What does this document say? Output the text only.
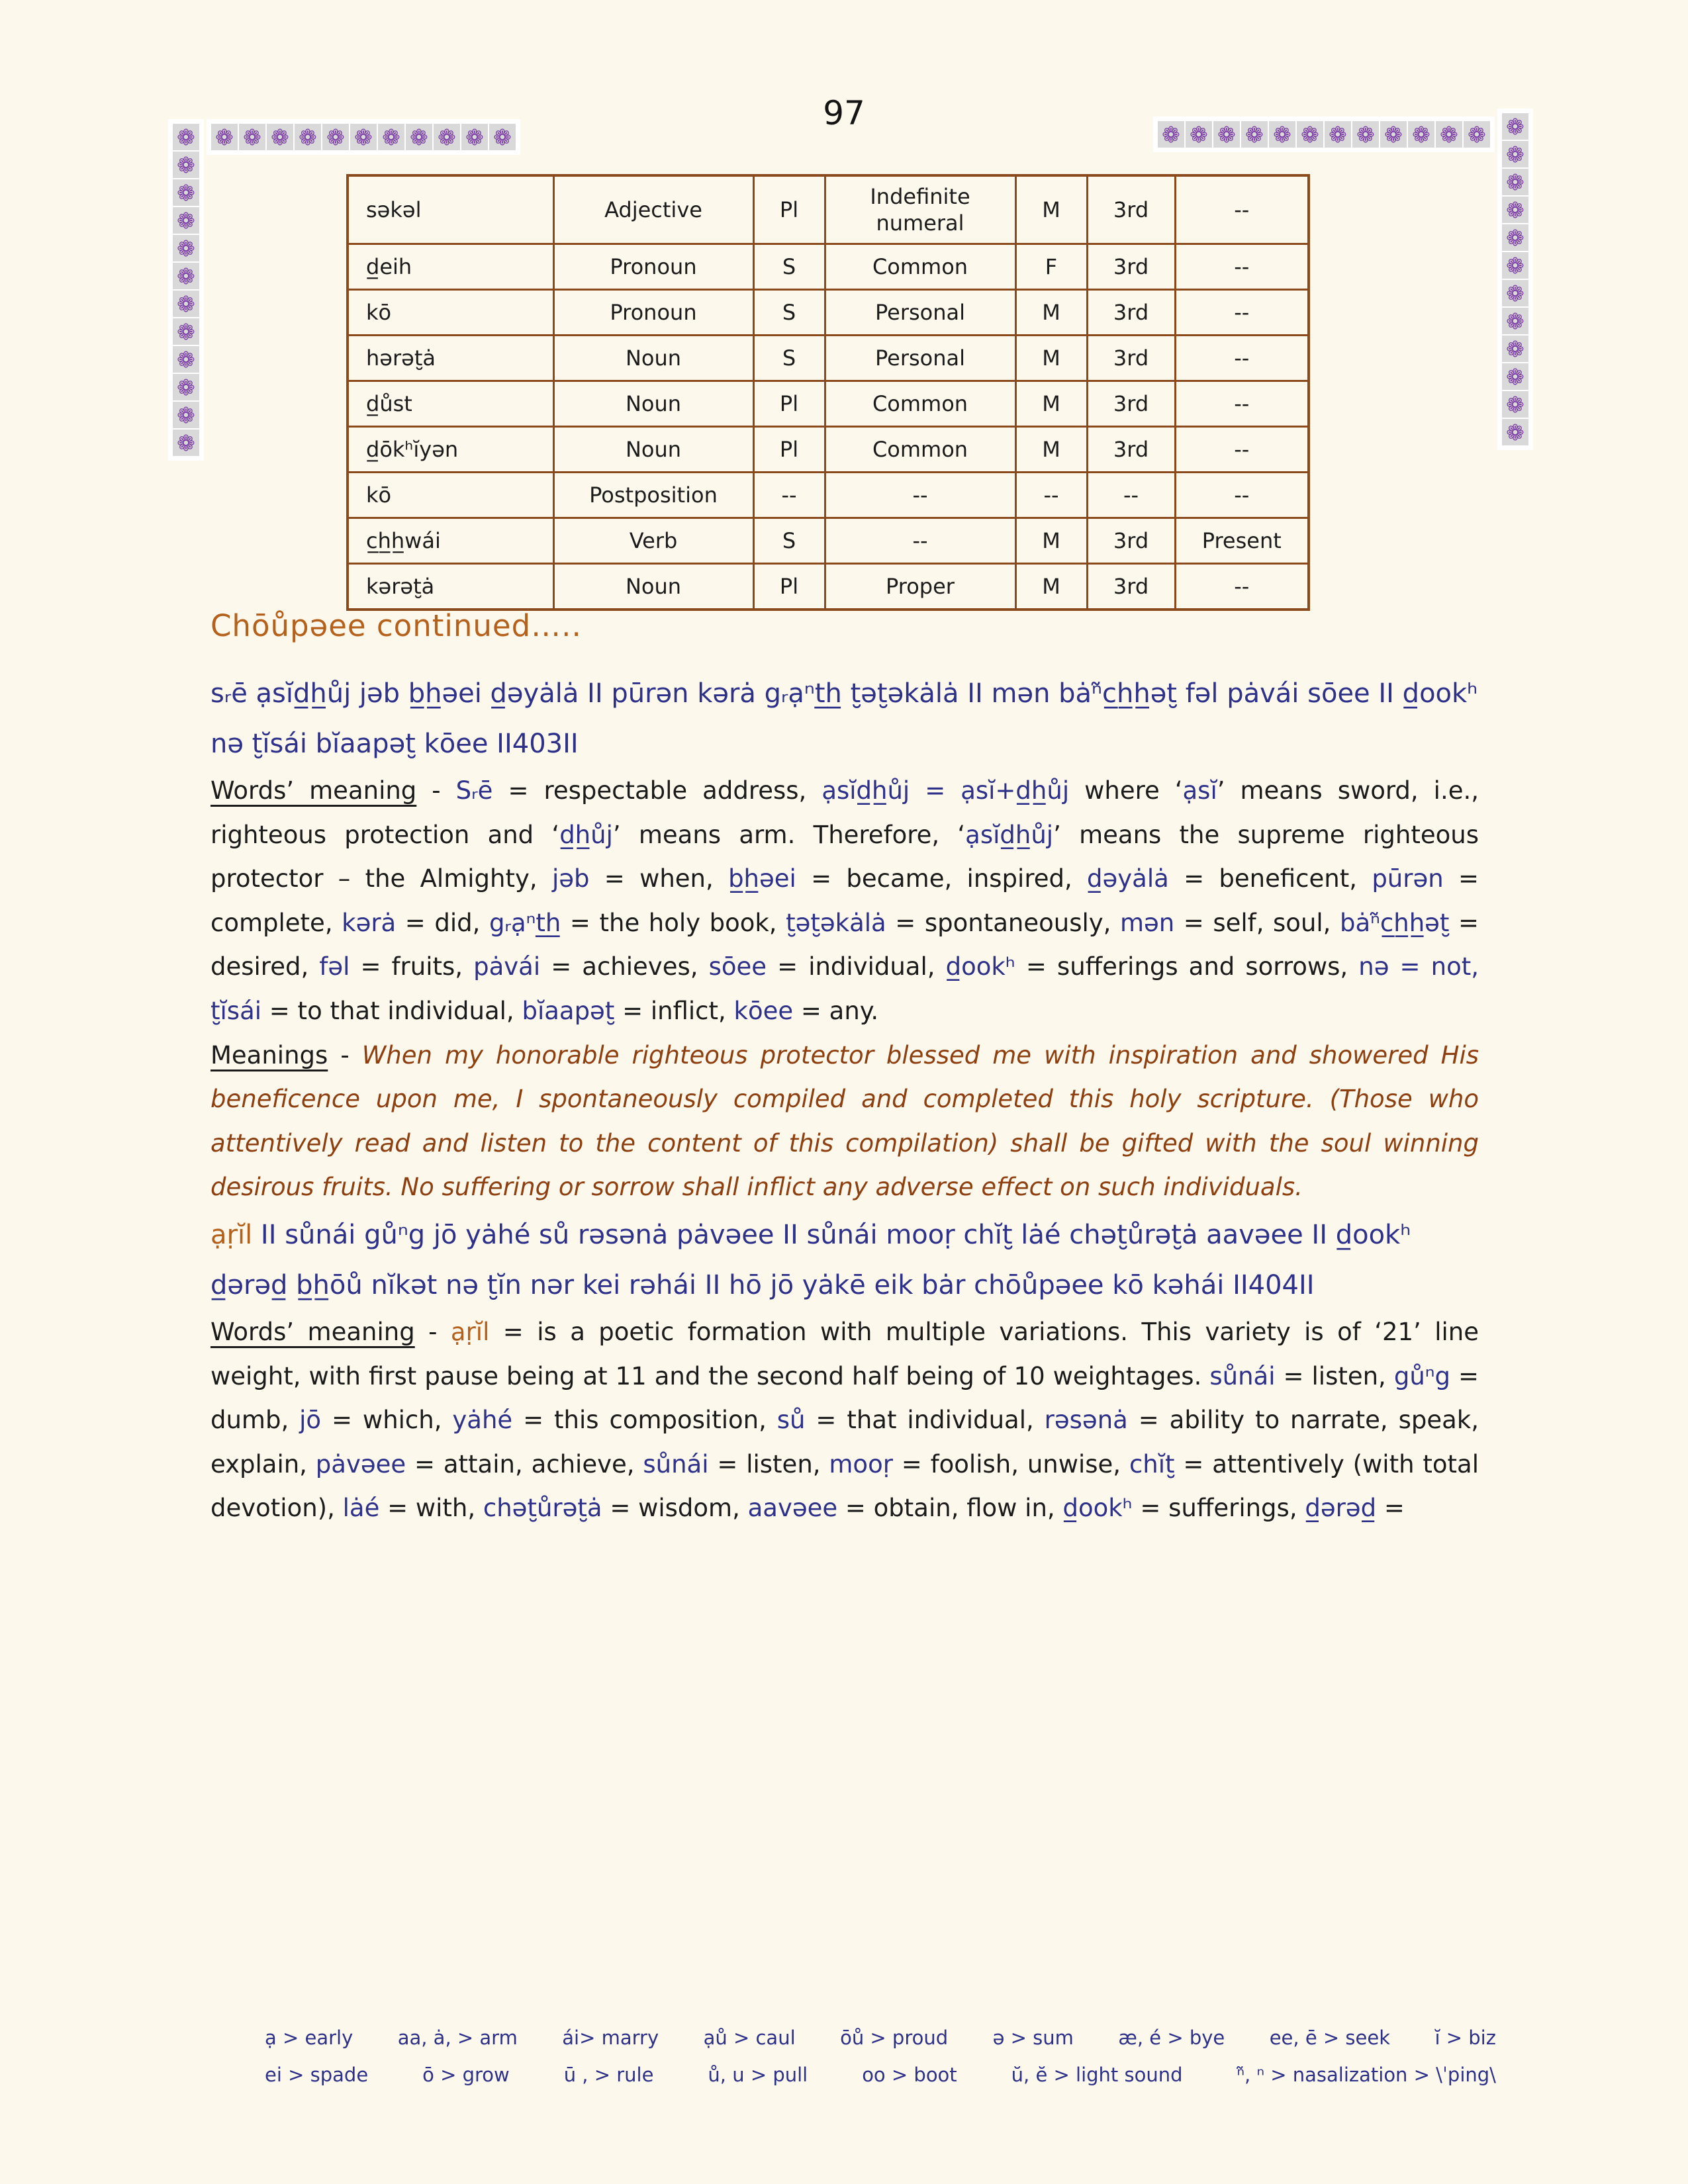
97
❁
❁
❁
❁
❁
❁
❁
❁
❁
❁
❁
❁
❁ ❁ ❁ ❁ ❁ ❁ ❁ ❁ ❁ ❁ ❁	❁ ❁ ❁ ❁ ❁ ❁ ❁ ❁ ❁ ❁ ❁ ❁ ❁
❁
❁
❁
❁
❁
❁
❁
❁
❁
❁
❁
səkəl	Adjective	Pl	Indefinite numeral	M	3rd	--
d̲eih	Pronoun	S	Common	F	3rd	--
kō	Pronoun	S	Personal	M	3rd	--
hərət̮ȧ	Noun	S	Personal	M	3rd	--
d̲ůst	Noun	Pl	Common	M	3rd	--
d̲ōkʰĭyən	Noun	Pl	Common	M	3rd	--
kō	Postposition	--	--	--	--	--
c̲h̲h̲wái	Verb	S	--	M	3rd	Present
kərət̮ȧ	Noun	Pl	Proper	M	3rd	--
Chōůpəee continued…..

sᵣē ạsĭd̲h̲ůj jəb b̲h̲əei d̲əyȧlȧ II pūrən kərȧ gᵣạⁿt̲h̲ t̮ət̮əkȧlȧ II mən bȧⁿ̃c̲h̲h̲ət̮ fəl pȧvái sōee II d̲ookʰ nə t̮ĭsái bĭaapət̮ kōee II403II

Words’ meaning - Sᵣē = respectable address, ạsĭd̲h̲ůj = ạsĭ+d̲h̲ůj where ‘ạsĭ’ means sword, i.e., righteous protection and ‘d̲h̲ůj’ means arm. Therefore, ‘ạsĭd̲h̲ůj’ means the supreme righteous protector – the Almighty, jəb = when, b̲h̲əei = became, inspired, d̲əyȧlȧ = beneficent, pūrən = complete, kərȧ = did, gᵣạⁿt̲h̲ = the holy book, t̮ət̮əkȧlȧ = spontaneously, mən = self, soul, bȧⁿ̃c̲h̲h̲ət̮ = desired, fəl = fruits, pȧvái = achieves, sōee = individual, d̲ookʰ = sufferings and sorrows, nə = not, t̮ĭsái = to that individual, bĭaapət̮ = inflict, kōee = any.

Meanings - When my honorable righteous protector blessed me with inspiration and showered His beneficence upon me, I spontaneously compiled and completed this holy scripture. (Those who attentively read and listen to the content of this compilation) shall be gifted with the soul winning desirous fruits. No suffering or sorrow shall inflict any adverse effect on such individuals.

ạṛĭl II sůnái gůⁿg jō yȧhé sů rəsənȧ pȧvəee II sůnái mooṛ chĭt̮ lȧé chət̮ůrət̮ȧ aavəee II d̲ookʰ d̲ərəd̲ b̲h̲ōů nĭkət nə t̮ĭn nər kei rəhái II hō jō yȧkē eik bȧr chōůpəee kō kəhái II404II

Words’ meaning - ạṛĭl = is a poetic formation with multiple variations. This variety is of ‘21’ line weight, with first pause being at 11 and the second half being of 10 weightages. sůnái = listen, gůⁿg = dumb, jō = which, yȧhé = this composition, sů = that individual, rəsənȧ = ability to narrate, speak, explain, pȧvəee = attain, achieve, sůnái = listen, mooṛ = foolish, unwise, chĭt̮ = attentively (with total devotion), lȧé = with, chət̮ůrət̮ȧ = wisdom, aavəee = obtain, flow in, d̲ookʰ = sufferings, d̲ərəd̲ =

ạ > early aa, ȧ, > arm ái> marry ạů > caul ōů > proud ə > sum æ, é > bye ee, ē > seek ĭ > biz
ei > spade	ō > grow	ū , > rule	ů, u > pull	oo > boot	ŭ, ĕ > light sound	ⁿ̃, ⁿ > nasalization > \ˈping\
